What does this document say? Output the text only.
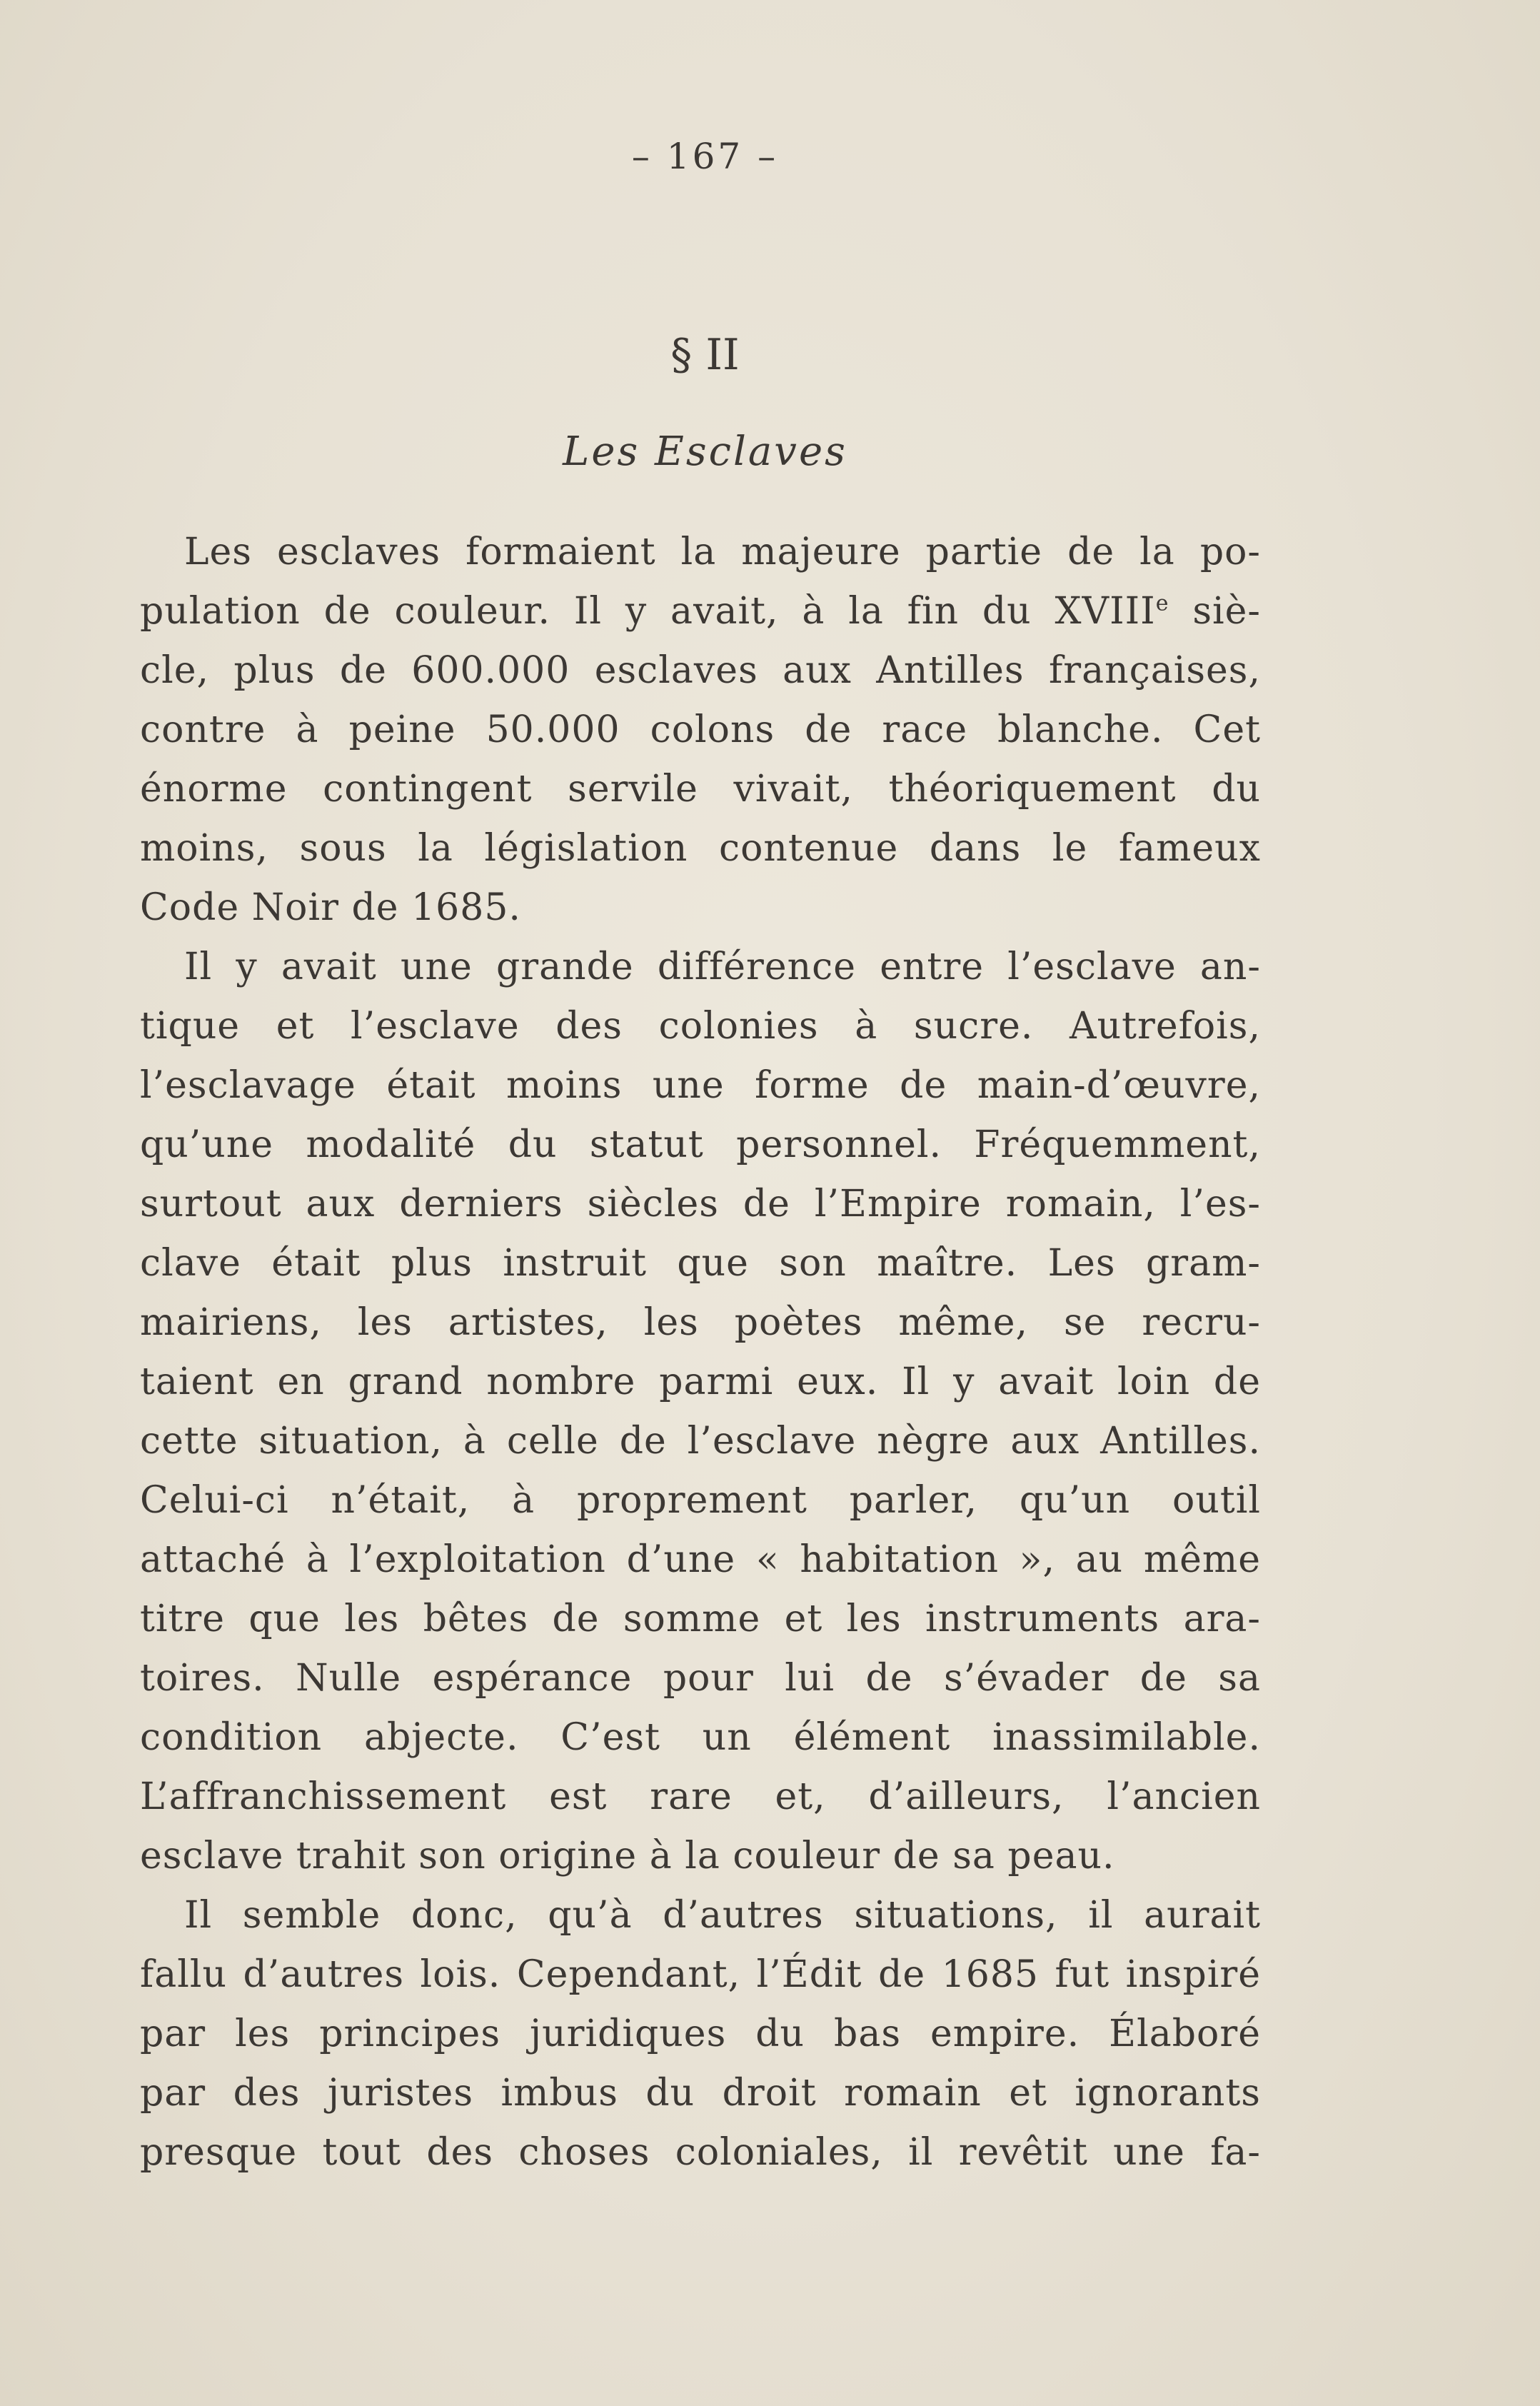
– 167 –
§ II
Les Esclaves
Les esclaves formaient la majeure partie de la po-
pulation de couleur. Il y avait, à la fin du XVIIIe siè-
cle, plus de 600.000 esclaves aux Antilles françaises,
contre à peine 50.000 colons de race blanche. Cet
énorme contingent servile vivait, théoriquement du
moins, sous la législation contenue dans le fameux
Code Noir de 1685.
Il y avait une grande différence entre l’esclave an-
tique et l’esclave des colonies à sucre. Autrefois,
l’esclavage était moins une forme de main-d’œuvre,
qu’une modalité du statut personnel. Fréquemment,
surtout aux derniers siècles de l’Empire romain, l’es-
clave était plus instruit que son maître. Les gram-
mairiens, les artistes, les poètes même, se recru-
taient en grand nombre parmi eux. Il y avait loin de
cette situation, à celle de l’esclave nègre aux Antilles.
Celui-ci n’était, à proprement parler, qu’un outil
attaché à l’exploitation d’une « habitation », au même
titre que les bêtes de somme et les instruments ara-
toires. Nulle espérance pour lui de s’évader de sa
condition abjecte. C’est un élément inassimilable.
L’affranchissement est rare et, d’ailleurs, l’ancien
esclave trahit son origine à la couleur de sa peau.
Il semble donc, qu’à d’autres situations, il aurait
fallu d’autres lois. Cependant, l’Édit de 1685 fut inspiré
par les principes juridiques du bas empire. Élaboré
par des juristes imbus du droit romain et ignorants
presque tout des choses coloniales, il revêtit une fa-
